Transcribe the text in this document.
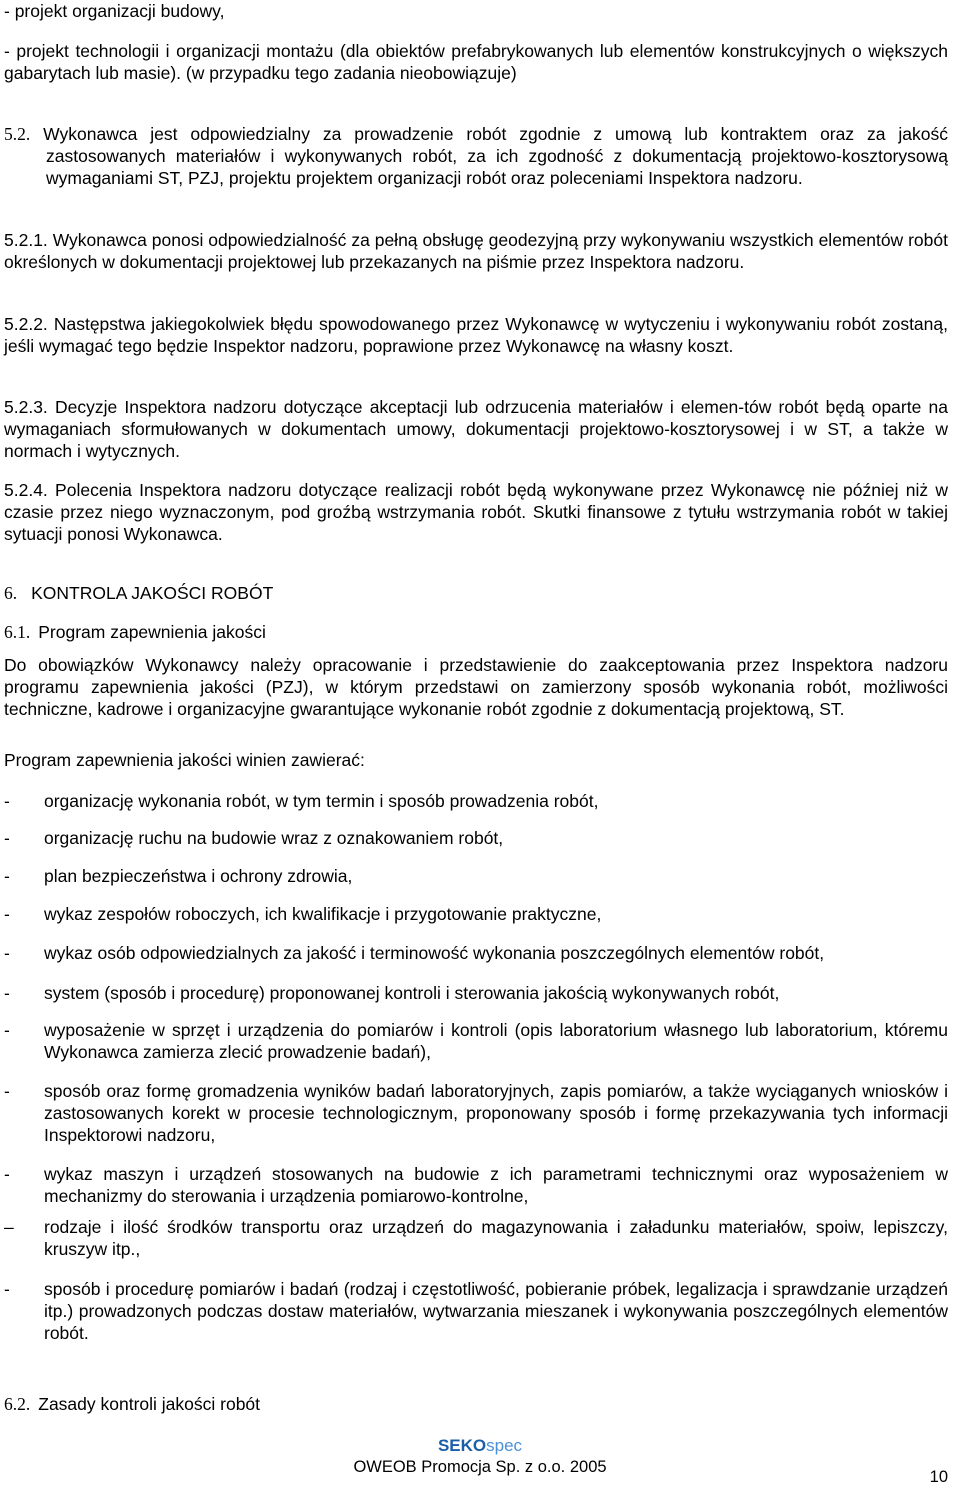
- projekt organizacji budowy,
- projekt technologii i organizacji montażu (dla obiektów prefabrykowanych lub elementów konstrukcyjnych o większych gabarytach lub masie). (w przypadku tego zadania nieobowiązuje)
5.2. Wykonawca jest odpowiedzialny za prowadzenie robót zgodnie z umową lub kontraktem oraz za jakość zastosowanych materiałów i wykonywanych robót, za ich zgodność z dokumentacją projektowo-kosztorysową wymaganiami ST, PZJ, projektu projektem organizacji robót oraz poleceniami Inspektora nadzoru.
5.2.1. Wykonawca ponosi odpowiedzialność za pełną obsługę geodezyjną przy wykonywaniu wszystkich elementów robót określonych w dokumentacji projektowej lub przekazanych na piśmie przez Inspektora nadzoru.
5.2.2. Następstwa jakiegokolwiek błędu spowodowanego przez Wykonawcę w wytyczeniu i wykonywaniu robót zostaną, jeśli wymagać tego będzie Inspektor nadzoru, poprawione przez Wykonawcę na własny koszt.
5.2.3. Decyzje Inspektora nadzoru dotyczące akceptacji lub odrzucenia materiałów i elemen-tów robót będą oparte na wymaganiach sformułowanych w dokumentach umowy, dokumentacji projektowo-kosztorysowej i w ST, a także w normach i wytycznych.
5.2.4. Polecenia Inspektora nadzoru dotyczące realizacji robót będą wykonywane przez Wykonawcę nie później niż w czasie przez niego wyznaczonym, pod groźbą wstrzymania robót. Skutki finansowe z tytułu wstrzymania robót w takiej sytuacji ponosi Wykonawca.
6. KONTROLA JAKOŚCI ROBÓT
6.1. Program zapewnienia jakości
Do obowiązków Wykonawcy należy opracowanie i przedstawienie do zaakceptowania przez Inspektora nadzoru programu zapewnienia jakości (PZJ), w którym przedstawi on zamierzony sposób wykonania robót, możliwości techniczne, kadrowe i organizacyjne gwarantujące wykonanie robót zgodnie z dokumentacją projektową, ST.
Program zapewnienia jakości winien zawierać:
- organizację wykonania robót, w tym termin i sposób prowadzenia robót,
- organizację ruchu na budowie wraz z oznakowaniem robót,
- plan bezpieczeństwa i ochrony zdrowia,
- wykaz zespołów roboczych, ich kwalifikacje i przygotowanie praktyczne,
- wykaz osób odpowiedzialnych za jakość i terminowość wykonania poszczególnych elementów robót,
- system (sposób i procedurę) proponowanej kontroli i sterowania jakością wykonywanych robót,
- wyposażenie w sprzęt i urządzenia do pomiarów i kontroli (opis laboratorium własnego lub laboratorium, któremu Wykonawca zamierza zlecić prowadzenie badań),
- sposób oraz formę gromadzenia wyników badań laboratoryjnych, zapis pomiarów, a także wyciąganych wniosków i zastosowanych korekt w procesie technologicznym, proponowany sposób i formę przekazywania tych informacji Inspektorowi nadzoru,
- wykaz maszyn i urządzeń stosowanych na budowie z ich parametrami technicznymi oraz wyposażeniem w mechanizmy do sterowania i urządzenia pomiarowo-kontrolne,
– rodzaje i ilość środków transportu oraz urządzeń do magazynowania i załadunku materiałów, spoiw, lepiszczy, kruszyw itp.,
- sposób i procedurę pomiarów i badań (rodzaj i częstotliwość, pobieranie próbek, legalizacja i sprawdzanie urządzeń itp.) prowadzonych podczas dostaw materiałów, wytwarzania mieszanek i wykonywania poszczególnych elementów robót.
6.2. Zasady kontroli jakości robót
SEKOspec
OWEOB Promocja Sp. z o.o. 2005
10
